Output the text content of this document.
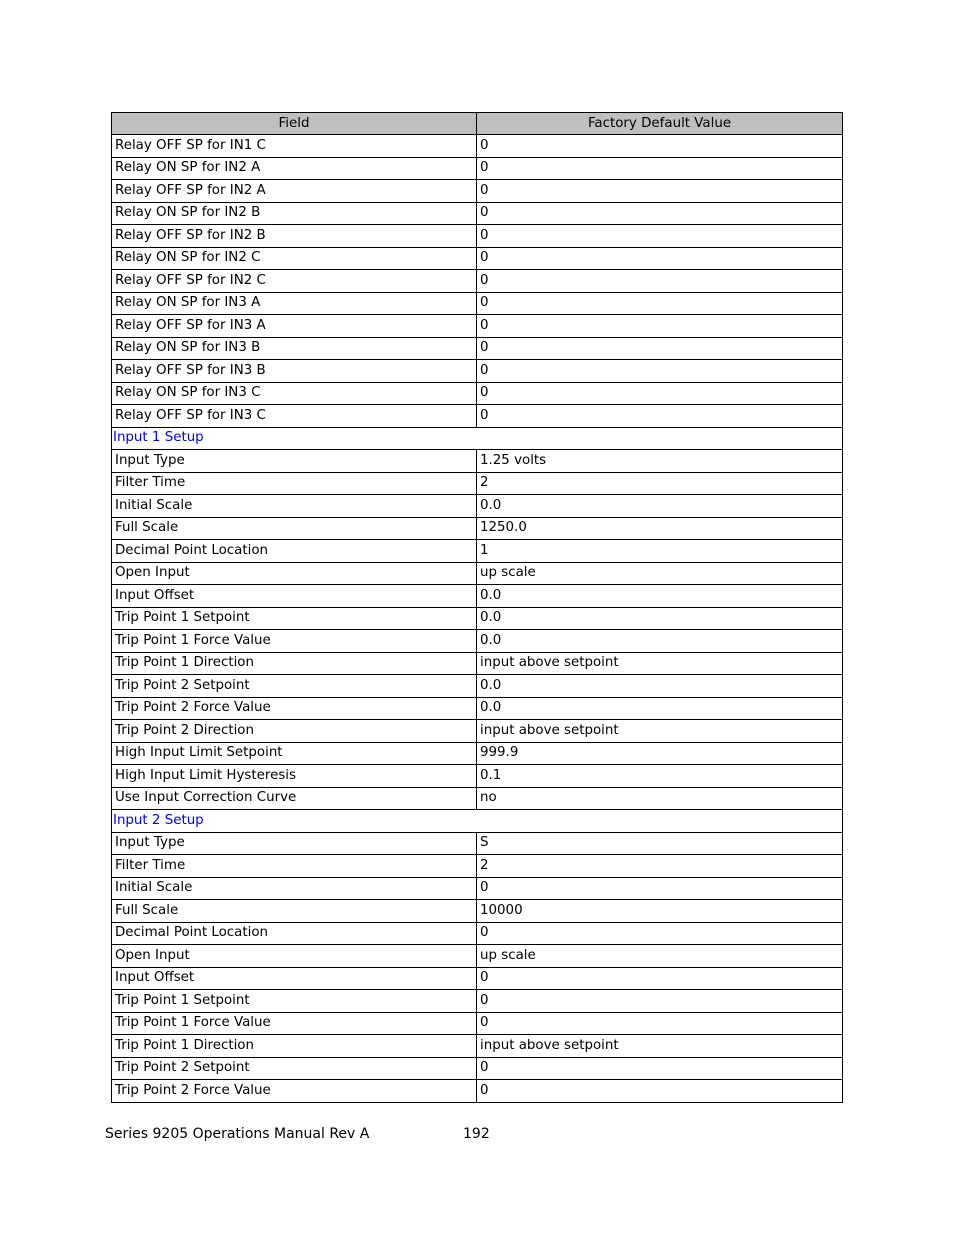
Field	Factory Default Value
Relay OFF SP for IN1 C	0
Relay ON SP for IN2 A	0
Relay OFF SP for IN2 A	0
Relay ON SP for IN2 B	0
Relay OFF SP for IN2 B	0
Relay ON SP for IN2 C	0
Relay OFF SP for IN2 C	0
Relay ON SP for IN3 A	0
Relay OFF SP for IN3 A	0
Relay ON SP for IN3 B	0
Relay OFF SP for IN3 B	0
Relay ON SP for IN3 C	0
Relay OFF SP for IN3 C	0
Input 1 Setup	
Input Type	1.25 volts
Filter Time	2
Initial Scale	0.0
Full Scale	1250.0
Decimal Point Location	1
Open Input	up scale
Input Offset	0.0
Trip Point 1 Setpoint	0.0
Trip Point 1 Force Value	0.0
Trip Point 1 Direction	input above setpoint
Trip Point 2 Setpoint	0.0
Trip Point 2 Force Value	0.0
Trip Point 2 Direction	input above setpoint
High Input Limit Setpoint	999.9
High Input Limit Hysteresis	0.1
Use Input Correction Curve	no
Input 2 Setup	
Input Type	S
Filter Time	2
Initial Scale	0
Full Scale	10000
Decimal Point Location	0
Open Input	up scale
Input Offset	0
Trip Point 1 Setpoint	0
Trip Point 1 Force Value	0
Trip Point 1 Direction	input above setpoint
Trip Point 2 Setpoint	0
Trip Point 2 Force Value	0
Series 9205 Operations Manual Rev A	192
